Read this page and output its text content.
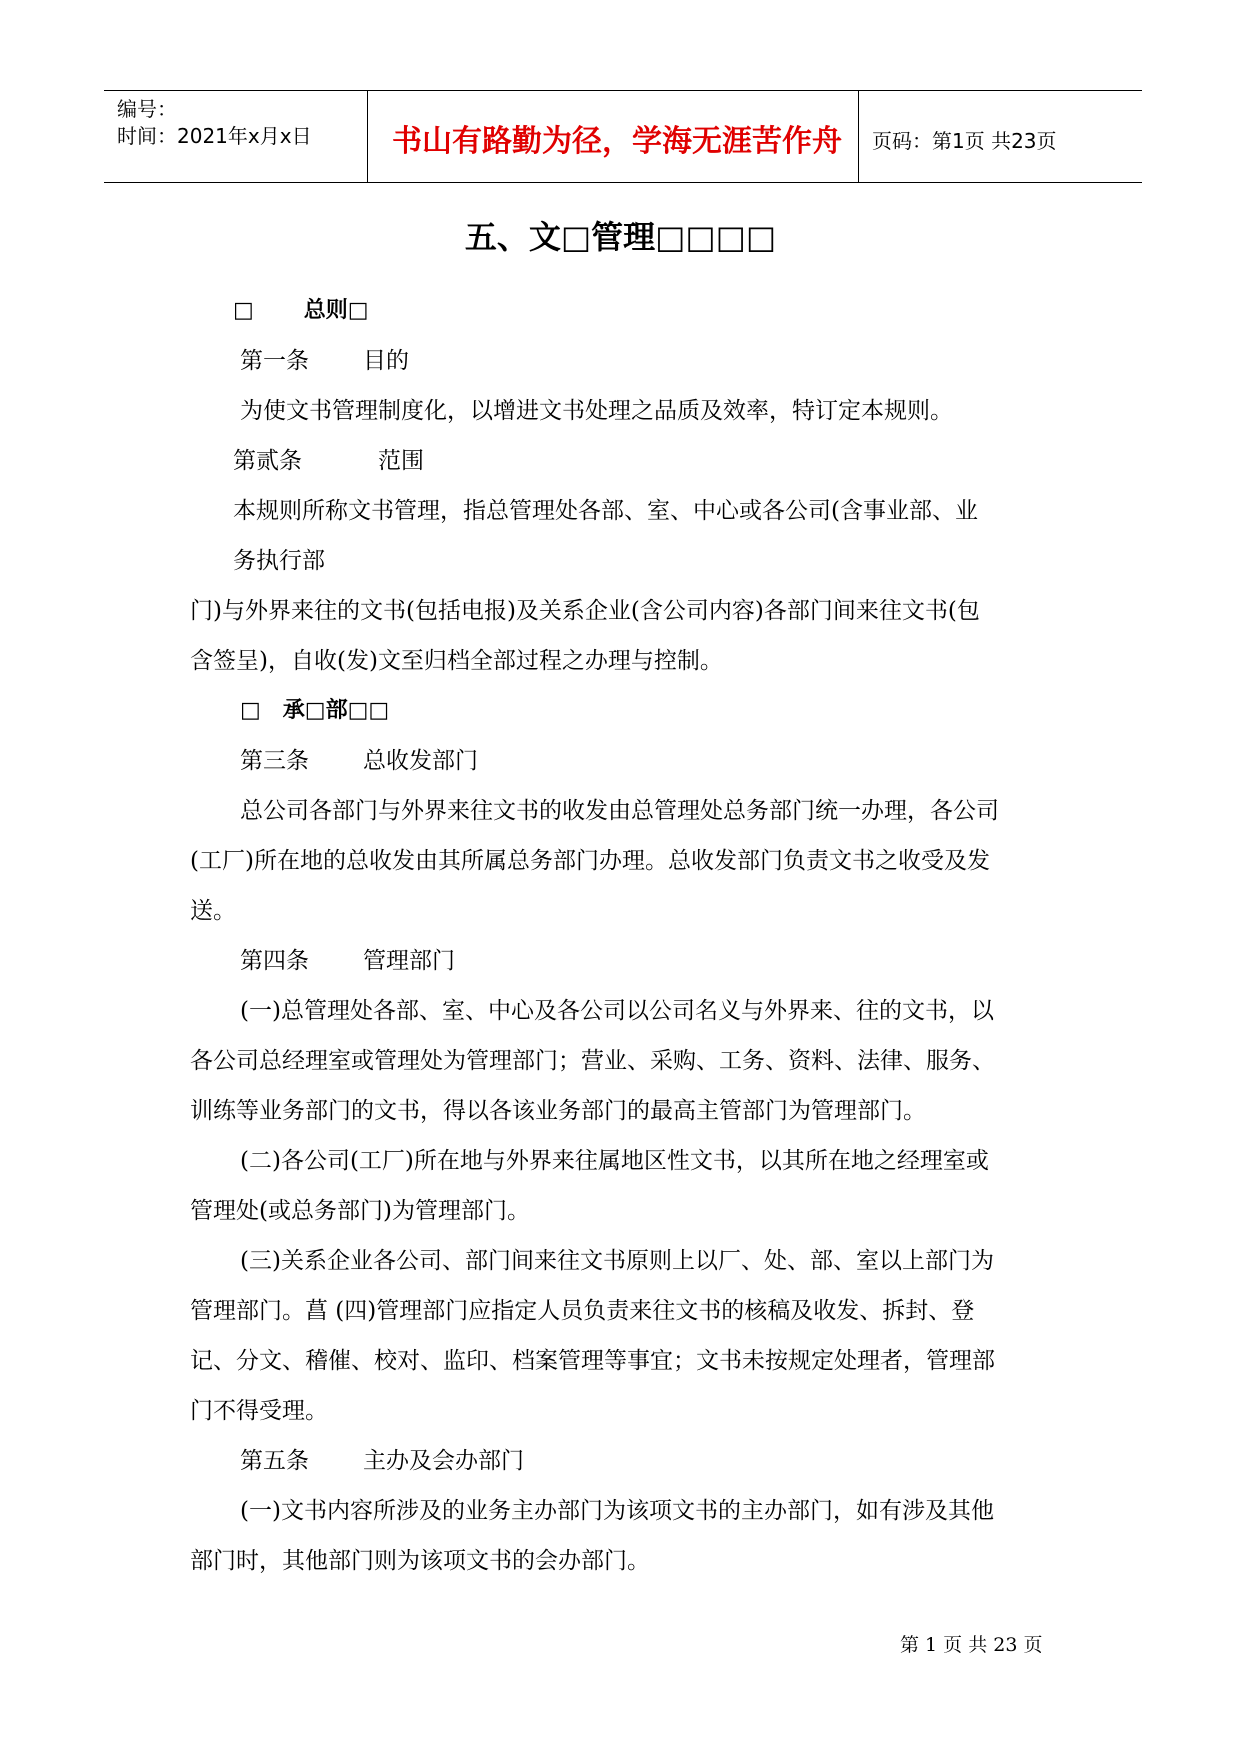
编号：
时间：2021年x月x日	书山有路勤为径，学海无涯苦作舟 页码：第1页 共23页
五、文□管理□□□□
□ 总则□
第一条 目的
为使文书管理制度化，以增进文书处理之品质及效率，特订定本规则。
第贰条	范围
本规则所称文书管理，指总管理处各部、室、中心或各公司(含事业部、业
务执行部
门)与外界来往的文书(包括电报)及关系企业(含公司内容)各部门间来往文书(包
含签呈)，自收(发)文至归档全部过程之办理与控制。
□ 承□部□□
第三条 总收发部门
总公司各部门与外界来往文书的收发由总管理处总务部门统一办理，各公司
(工厂)所在地的总收发由其所属总务部门办理。总收发部门负责文书之收受及发
送。
第四条 管理部门
(一)总管理处各部、室、中心及各公司以公司名义与外界来、往的文书，以
各公司总经理室或管理处为管理部门；营业、采购、工务、资料、法律、服务、
训练等业务部门的文书，得以各该业务部门的最高主管部门为管理部门。
(二)各公司(工厂)所在地与外界来往属地区性文书，以其所在地之经理室或
管理处(或总务部门)为管理部门。
(三)关系企业各公司、部门间来往文书原则上以厂、处、部、室以上部门为
管理部门。菖 (四)管理部门应指定人员负责来往文书的核稿及收发、拆封、登
记、分文、稽催、校对、监印、档案管理等事宜；文书未按规定处理者，管理部
门不得受理。
第五条 主办及会办部门
(一)文书内容所涉及的业务主办部门为该项文书的主办部门，如有涉及其他
部门时，其他部门则为该项文书的会办部门。
第 1 页 共 23 页
